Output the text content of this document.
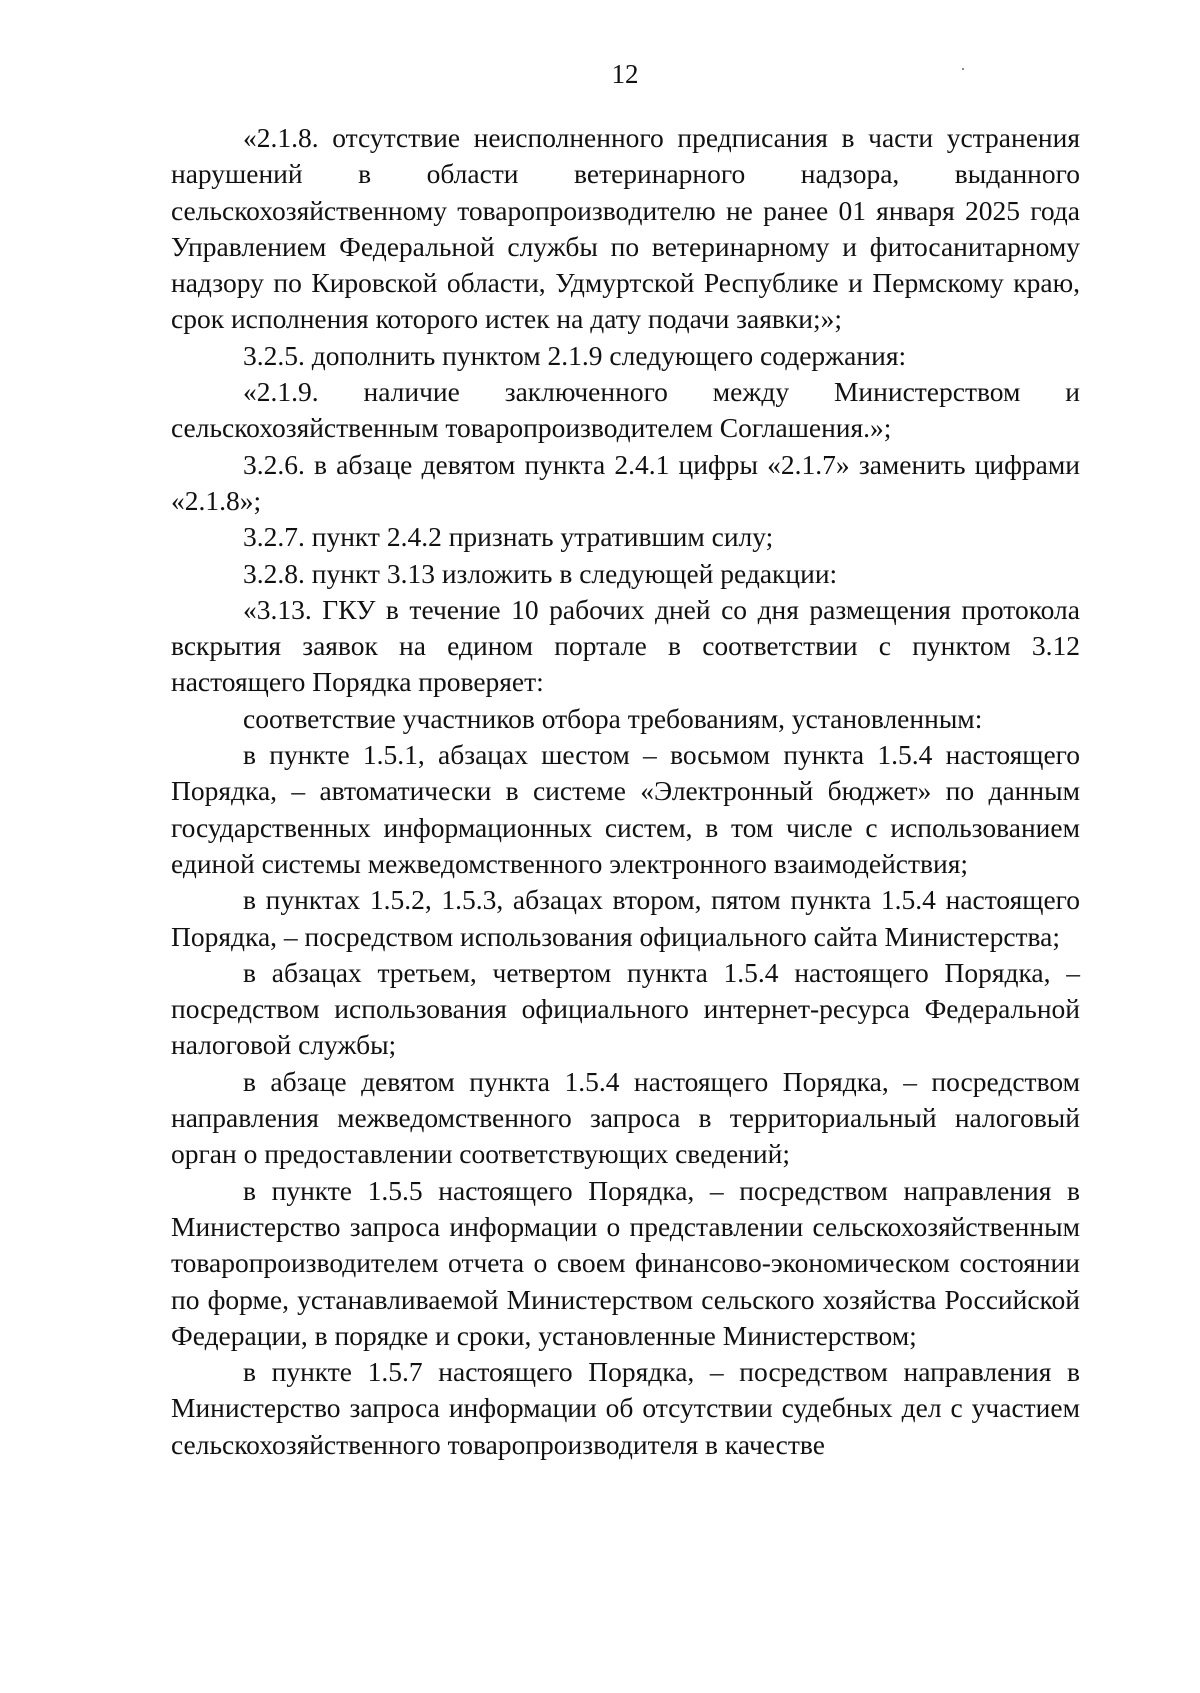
12

«2.1.8. отсутствие неисполненного предписания в части устранения нарушений в области ветеринарного надзора, выданного сельскохозяйственному товаропроизводителю не ранее 01 января 2025 года Управлением Федеральной службы по ветеринарному и фитосанитарному надзору по Кировской области, Удмуртской Республике и Пермскому краю, срок исполнения которого истек на дату подачи заявки;»;

3.2.5. дополнить пунктом 2.1.9 следующего содержания:

«2.1.9. наличие заключенного между Министерством и сельскохозяйственным товаропроизводителем Соглашения.»;

3.2.6. в абзаце девятом пункта 2.4.1 цифры «2.1.7» заменить цифрами «2.1.8»;

3.2.7. пункт 2.4.2 признать утратившим силу;

3.2.8. пункт 3.13 изложить в следующей редакции:

«3.13. ГКУ в течение 10 рабочих дней со дня размещения протокола вскрытия заявок на едином портале в соответствии с пунктом 3.12 настоящего Порядка проверяет:

соответствие участников отбора требованиям, установленным:

в пункте 1.5.1, абзацах шестом – восьмом пункта 1.5.4 настоящего Порядка, – автоматически в системе «Электронный бюджет» по данным государственных информационных систем, в том числе с использованием единой системы межведомственного электронного взаимодействия;

в пунктах 1.5.2, 1.5.3, абзацах втором, пятом пункта 1.5.4 настоящего Порядка, – посредством использования официального сайта Министерства;

в абзацах третьем, четвертом пункта 1.5.4 настоящего Порядка, – посредством использования официального интернет-ресурса Федеральной налоговой службы;

в абзаце девятом пункта 1.5.4 настоящего Порядка, – посредством направления межведомственного запроса в территориальный налоговый орган о предоставлении соответствующих сведений;

в пункте 1.5.5 настоящего Порядка, – посредством направления в Министерство запроса информации о представлении сельскохозяйственным товаропроизводителем отчета о своем финансово-экономическом состоянии по форме, устанавливаемой Министерством сельского хозяйства Российской Федерации, в порядке и сроки, установленные Министерством;

в пункте 1.5.7 настоящего Порядка, – посредством направления в Министерство запроса информации об отсутствии судебных дел с участием сельскохозяйственного товаропроизводителя в качестве
